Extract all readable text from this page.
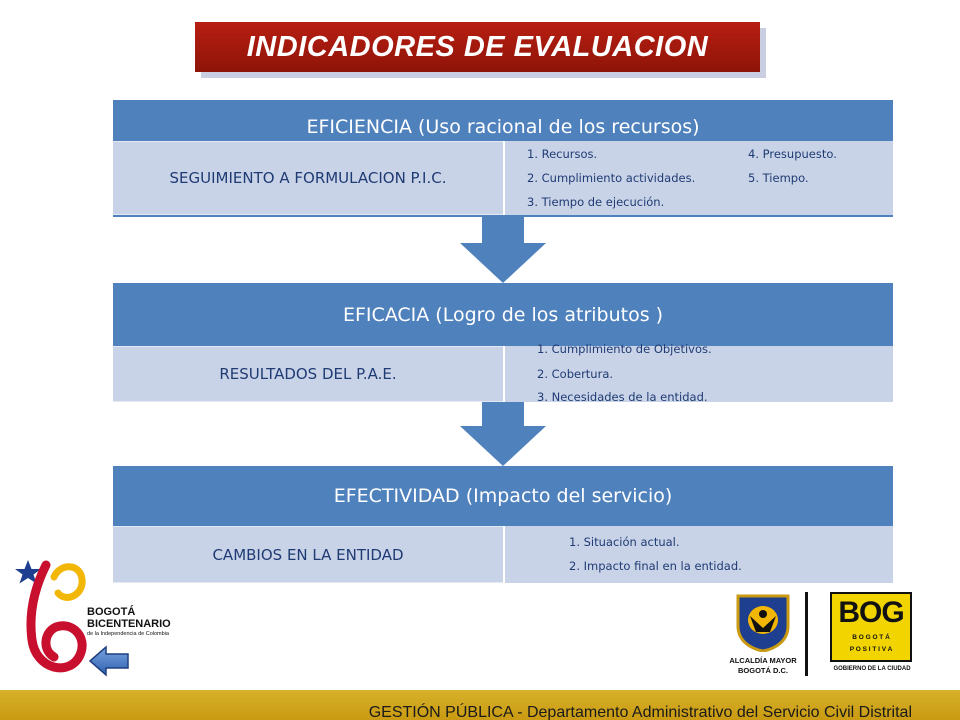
INDICADORES DE EVALUACION
EFICIENCIA (Uso racional de los recursos)
SEGUIMIENTO A FORMULACION P.I.C.
1. Recursos.
2. Cumplimiento actividades.
3. Tiempo de ejecución.
4. Presupuesto.
5. Tiempo.
EFICACIA (Logro de los atributos )
RESULTADOS DEL P.A.E.
1. Cumplimiento de Objetivos.
2. Cobertura.
3. Necesidades de la entidad.
EFECTIVIDAD (Impacto del servicio)
CAMBIOS EN LA ENTIDAD
1. Situación actual.
2. Impacto final en la entidad.
BOGOTÁ
BICENTENARIO
de la Independencia de Colombia
ALCALDÍA MAYOR
BOGOTÁ D.C.
BOG
B O G O T Á
P O S I T I V A
GOBIERNO DE LA CIUDAD
GESTIÓN PÚBLICA - Departamento Administrativo del Servicio Civil Distrital
